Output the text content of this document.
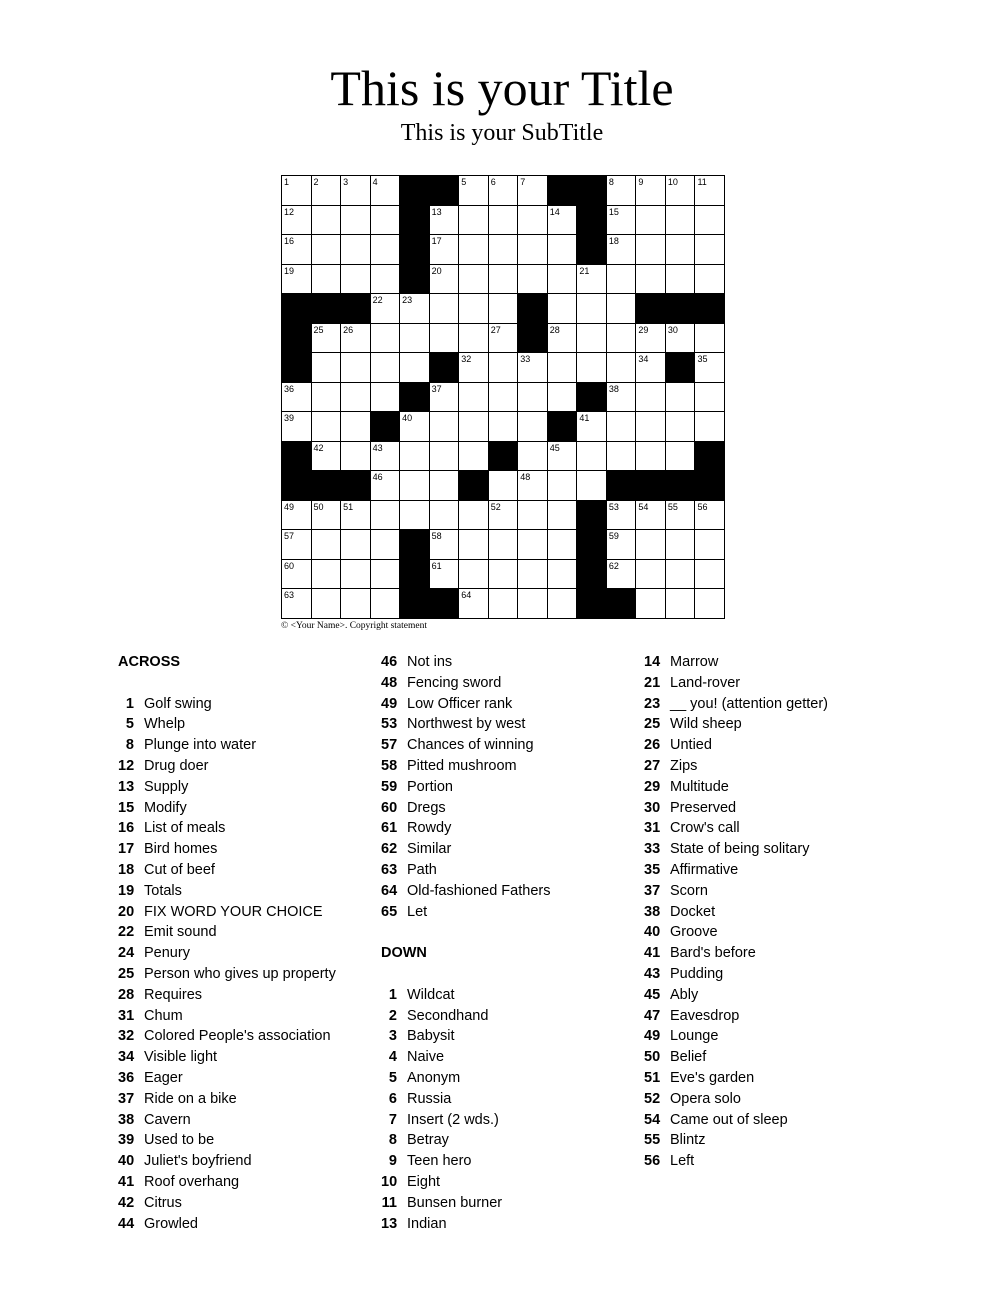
This is your Title
This is your SubTitle
1	2	3	4	5	6	7	8	9	10 11
12	13	14	15
16	17	18
19	20	21
22 23
25 26	27	28	29 30
32	33	34	35
36	37	38
39	40	41
42	43	45
46	48
49 50 51	52	53 54 55 56
57	58	59
60	61	62
63	64
© <Your Name>. Copyright statement
ACROSS
1 Golf swing
5 Whelp
8 Plunge into water
12 Drug doer
13 Supply
15 Modify
16 List of meals
17 Bird homes
18 Cut of beef
19 Totals
20 FIX WORD YOUR CHOICE
22 Emit sound
24 Penury
25 Person who gives up property
28 Requires
31 Chum
32 Colored People's association
34 Visible light
36 Eager
37 Ride on a bike
38 Cavern
39 Used to be
40 Juliet's boyfriend
41 Roof overhang
42 Citrus
44 Growled
46 Not ins
48 Fencing sword
49 Low Officer rank
53 Northwest by west
57 Chances of winning
58 Pitted mushroom
59 Portion
60 Dregs
61 Rowdy
62 Similar
63 Path
64 Old-fashioned Fathers
65 Let
DOWN
1 Wildcat
2 Secondhand
3 Babysit
4 Naive
5 Anonym
6 Russia
7 Insert (2 wds.)
8 Betray
9 Teen hero
10 Eight
11 Bunsen burner
13 Indian
14 Marrow
21 Land-rover
23 __ you! (attention getter)
25 Wild sheep
26 Untied
27 Zips
29 Multitude
30 Preserved
31 Crow's call
33 State of being solitary
35 Affirmative
37 Scorn
38 Docket
40 Groove
41 Bard's before
43 Pudding
45 Ably
47 Eavesdrop
49 Lounge
50 Belief
51 Eve's garden
52 Opera solo
54 Came out of sleep
55 Blintz
56 Left
